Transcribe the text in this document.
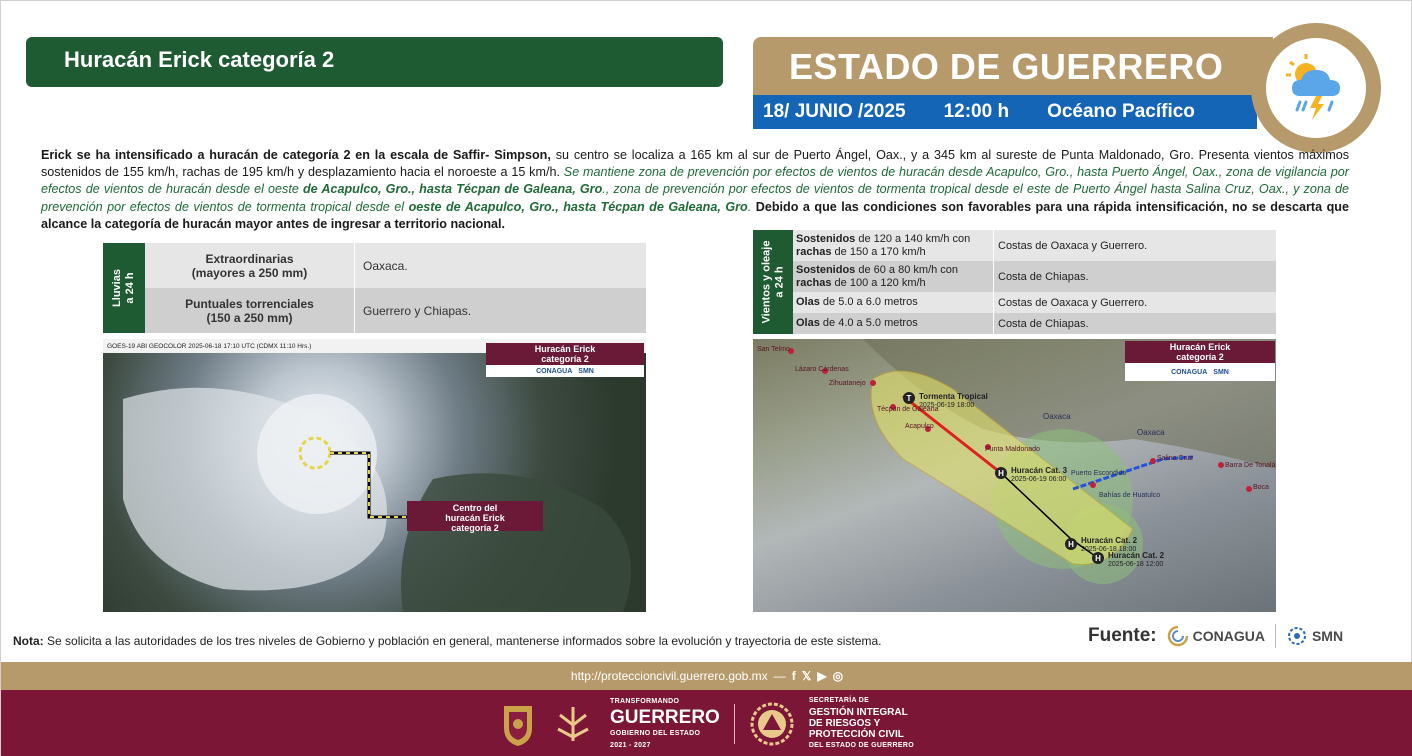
Huracán Erick categoría 2	ESTADO DE GUERRERO
18/ JUNIO /2025 12:00 h Océano Pacífico
Erick se ha intensificado a huracán de categoría 2 en la escala de Saffir- Simpson, su centro se localiza a 165 km al sur de Puerto Ángel, Oax., y a 345 km al sureste de Punta Maldonado, Gro. Presenta vientos máximos sostenidos de 155 km/h, rachas de 195 km/h y desplazamiento hacia el noroeste a 15 km/h. Se mantiene zona de prevención por efectos de vientos de huracán desde Acapulco, Gro., hasta Puerto Ángel, Oax., zona de vigilancia por efectos de vientos de huracán desde el oeste de Acapulco, Gro., hasta Técpan de Galeana, Gro., zona de prevención por efectos de vientos de tormenta tropical desde el este de Puerto Ángel hasta Salina Cruz, Oax., y zona de prevención por efectos de vientos de tormenta tropical desde el oeste de Acapulco, Gro., hasta Técpan de Galeana, Gro. Debido a que las condiciones son favorables para una rápida intensificación, no se descarta que alcance la categoría de huracán mayor antes de ingresar a territorio nacional.
Lluvias
a 24 h
Extraordinarias
(mayores a 250 mm)	Oaxaca.
Puntuales torrenciales
(150 a 250 mm)	Guerrero y Chiapas.	Vientos y oleaje
a 24 h
Sostenidos de 120 a 140 km/h con rachas de 150 a 170 km/h	Costas de Oaxaca y Guerrero.
Sostenidos de 60 a 80 km/h con rachas de 100 a 120 km/h	Costa de Chiapas.
Olas de 5.0 a 6.0 metros	Costas de Oaxaca y Guerrero.
Olas de 4.0 a 5.0 metros	Costa de Chiapas.
GOES-19 ABI GEOCOLOR 2025-06-18 17:10 UTC (CDMX 11:10 Hrs.)	Huracán Erick
categoría 2
CONAGUA SMN
Centro del
huracán Erick
categoría 2
T
H
H
H
Tormenta Tropical
2025-06-19 18:00
Huracán Cat. 3
2025-06-19 06:00
Huracán Cat. 2
2025-06-18 18:00
Huracán Cat. 2
2025-06-18 12:00
San Telmo
Lázaro Cárdenas
Zihuatanejo
Técpan de Galeana
Acapulco
Punta Maldonado
Oaxaca
Oaxaca
Puerto Escondido
Bahías de Huatulco
Salina Cruz
Barra De Tonalá
Boca
Huracán Erick
categoría 2
CONAGUA SMN
Nota: Se solicita a las autoridades de los tres niveles de Gobierno y población en general, mantenerse informados sobre la evolución y trayectoria de este sistema.	Fuente:	CONAGUA	SMN
http://proteccioncivil.guerrero.gob.mx — f 𝕏 ▶ ◎
TRANSFORMANDO
GUERRERO
GOBIERNO DEL ESTADO
2021 - 2027
SECRETARÍA DE
GESTIÓN INTEGRAL
DE RIESGOS Y
PROTECCIÓN CIVIL
DEL ESTADO DE GUERRERO
